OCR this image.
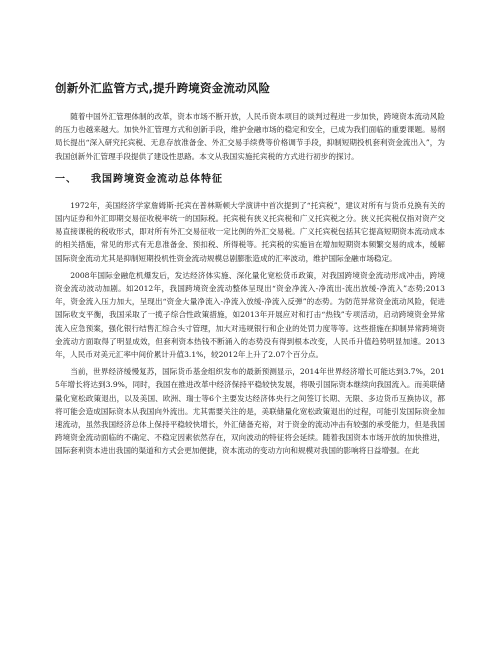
创新外汇监管方式,提升跨境资金流动风险

随着中国外汇管理体制的改革，资本市场不断开放，人民币资本项目的谈判过程进一步加快，跨境资本流动风险的压力也越来越大。加快外汇管理方式和创新手段，维护金融市场的稳定和安全，已成为我们面临的重要课题。易纲局长提出“深入研究托宾税、无息存放准备金、外汇交易手续费等价格调节手段，抑制短期投机套利资金流出入”，为我国创新外汇管理手段提供了建设性思路。本文从我国实施托宾税的方式进行初步的探讨。

一、 我国跨境资金流动总体特征

1972年，美国经济学家詹姆斯·托宾在普林斯顿大学演讲中首次提到了“托宾税”，建议对所有与货币兑换有关的国内证券和外汇即期交易征收税率统一的国际税。托宾税有狭义托宾税和广义托宾税之分。狭义托宾税仅指对资产交易直接课税的税收形式，即对所有外汇交易征收一定比例的外汇交易税。广义托宾税包括其它提高短期资本流动成本的相关措施，常见的形式有无息准备金、预扣税、所得税等。托宾税的实施旨在增加短期资本频繁交易的成本，缓解国际资金流动尤其是抑制短期投机性资金流动规模总剧膨胀造成的汇率波动，维护国际金融市场稳定。

2008年国际金融危机爆发后，发达经济体实施、深化量化宽松货币政策，对我国跨境资金流动形成冲击，跨境资金流动波动加剧。如2012年，我国跨境资金流动整体呈现出“资金净流入-净流出-流出放缓-净流入”态势;2013年，资金流入压力加大，呈现出“资金大量净流入-净流入放缓-净流入反弹”的态势。为防范异常资金流动风险，促进国际收支平衡，我国采取了一揽子综合性政策措施，如2013年开展应对和打击“热钱”专项活动，启动跨境资金异常流入应急预案，强化银行结售汇综合头寸管理，加大对违规银行和企业的处罚力度等等。这些措施在抑制异常跨境资金流动方面取得了明显成效，但套利资本热钱不断涌入的态势没有得到根本改变，人民币升值趋势明显加速。2013年，人民币对美元汇率中间价累计升值3.1%，较2012年上升了2.07个百分点。

当前，世界经济缓慢复苏，国际货币基金组织发布的最新预测显示，2014年世界经济增长可能达到3.7%，2015年增长将达到3.9%，同时，我国在推进改革中经济保持平稳较快发展，将吸引国际资本继续向我国流入。而美联储量化宽松政策退出，以及美国、欧洲、瑞士等6个主要发达经济体央行之间签订长期、无限、多边货币互换协议，都将可能会造成国际资本从我国向外流出。尤其需要关注的是，美联储量化宽松政策退出的过程，可能引发国际资金加速流动，虽然我国经济总体上保持平稳较快增长，外汇储备充裕，对于资金的流动冲击有较强的承受能力，但是我国跨境资金流动面临的不确定、不稳定因素依然存在，双向波动的特征将会延续。随着我国资本市场开放的加快推进，国际套利资本进出我国的渠道和方式会更加便捷，资本流动的变动方向和规模对我国的影响将日益增强。在此
